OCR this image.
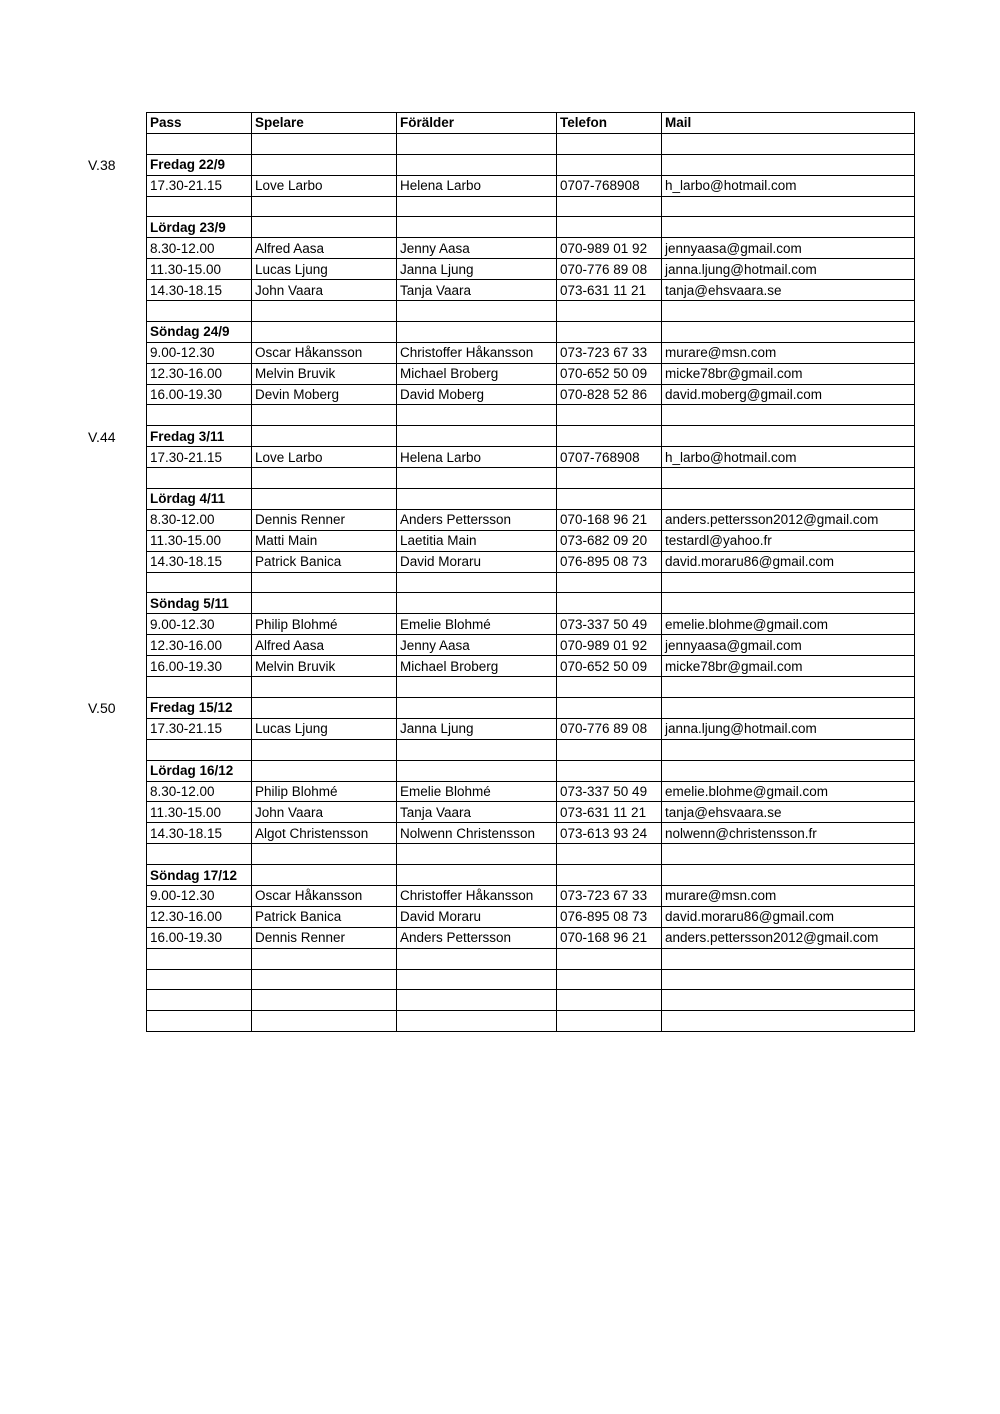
V.38
V.44
V.50
Pass	Spelare	Förälder	Telefon	Mail

Fredag 22/9				
17.30-21.15	Love Larbo	Helena Larbo	0707-768908	h_larbo@hotmail.com

Lördag 23/9				
8.30-12.00	Alfred Aasa	Jenny Aasa	070-989 01 92	jennyaasa@gmail.com
11.30-15.00	Lucas Ljung	Janna Ljung	070-776 89 08	janna.ljung@hotmail.com
14.30-18.15	John Vaara	Tanja Vaara	073-631 11 21	tanja@ehsvaara.se

Söndag 24/9				
9.00-12.30	Oscar Håkansson	Christoffer Håkansson	073-723 67 33	murare@msn.com
12.30-16.00	Melvin Bruvik	Michael Broberg	070-652 50 09	micke78br@gmail.com
16.00-19.30	Devin Moberg	David Moberg	070-828 52 86	david.moberg@gmail.com

Fredag 3/11				
17.30-21.15	Love Larbo	Helena Larbo	0707-768908	h_larbo@hotmail.com

Lördag 4/11				
8.30-12.00	Dennis Renner	Anders Pettersson	070-168 96 21	anders.pettersson2012@gmail.com
11.30-15.00	Matti Main	Laetitia Main	073-682 09 20	testardl@yahoo.fr
14.30-18.15	Patrick Banica	David Moraru	076-895 08 73	david.moraru86@gmail.com

Söndag 5/11				
9.00-12.30	Philip Blohmé	Emelie Blohmé	073-337 50 49	emelie.blohme@gmail.com
12.30-16.00	Alfred Aasa	Jenny Aasa	070-989 01 92	jennyaasa@gmail.com
16.00-19.30	Melvin Bruvik	Michael Broberg	070-652 50 09	micke78br@gmail.com

Fredag 15/12				
17.30-21.15	Lucas Ljung	Janna Ljung	070-776 89 08	janna.ljung@hotmail.com

Lördag 16/12				
8.30-12.00	Philip Blohmé	Emelie Blohmé	073-337 50 49	emelie.blohme@gmail.com
11.30-15.00	John Vaara	Tanja Vaara	073-631 11 21	tanja@ehsvaara.se
14.30-18.15	Algot Christensson	Nolwenn Christensson	073-613 93 24	nolwenn@christensson.fr

Söndag 17/12				
9.00-12.30	Oscar Håkansson	Christoffer Håkansson	073-723 67 33	murare@msn.com
12.30-16.00	Patrick Banica	David Moraru	076-895 08 73	david.moraru86@gmail.com
16.00-19.30	Dennis Renner	Anders Pettersson	070-168 96 21	anders.pettersson2012@gmail.com
